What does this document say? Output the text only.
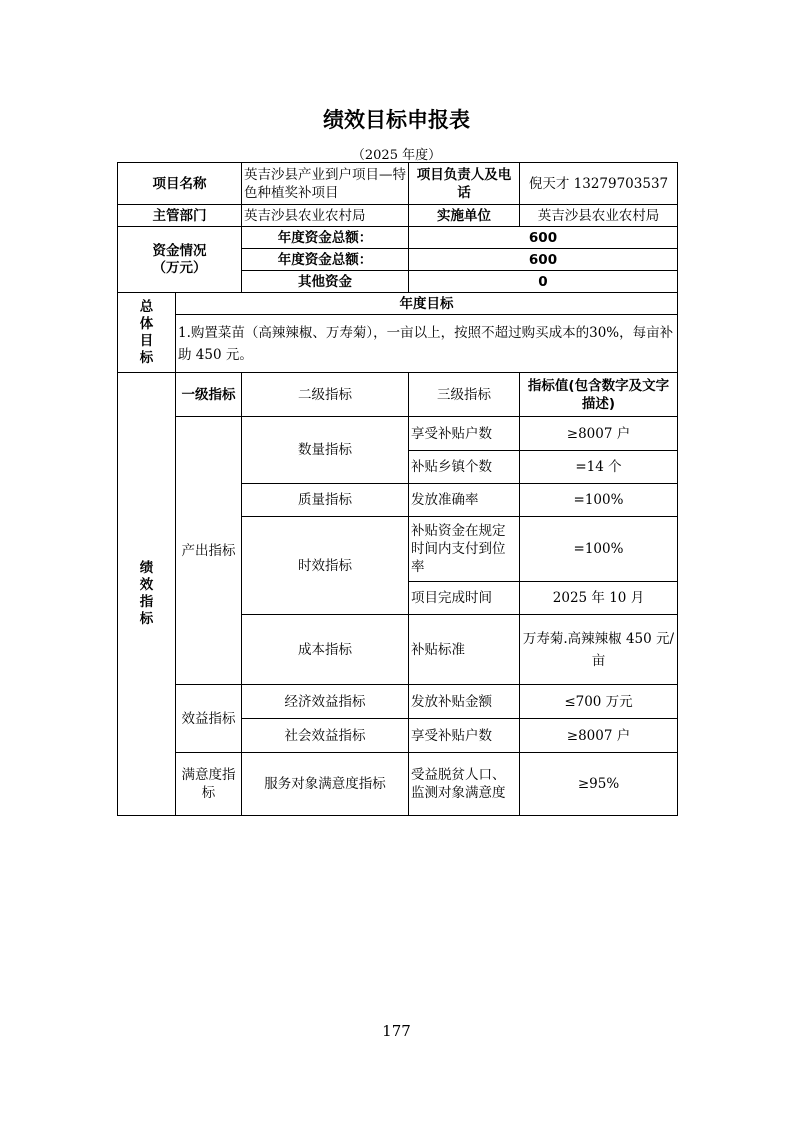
绩效目标申报表
（2025 年度）
项目名称		英吉沙县产业到户项目—特色种植奖补项目	项目负责人及电话	倪天才 13279703537
主管部门		英吉沙县农业农村局	实施单位	英吉沙县农业农村局

资金情况
（万元）		年度资金总额：	600	
		年度资金总额：	600	
		其他资金	0	

总
体
目
标	年度目标			
	1.购置菜苗（高辣辣椒、万寿菊），一亩以上，按照不超过购买成本的30%，每亩补助 450 元。			

绩
效
指
标	一级指标	二级指标	三级指标	指标值(包含数字及文字描述)
	产出指标	数量指标	享受补贴户数	≥8007 户
			补贴乡镇个数	=14 个
		质量指标	发放准确率	=100%
		时效指标	补贴资金在规定时间内支付到位率	=100%
			项目完成时间	2025 年 10 月
		成本指标	补贴标准	万寿菊.高辣辣椒 450 元/亩
	效益指标	经济效益指标	发放补贴金额	≤700 万元
		社会效益指标	享受补贴户数	≥8007 户
	满意度指标	服务对象满意度指标	受益脱贫人口、监测对象满意度	≥95%
177
